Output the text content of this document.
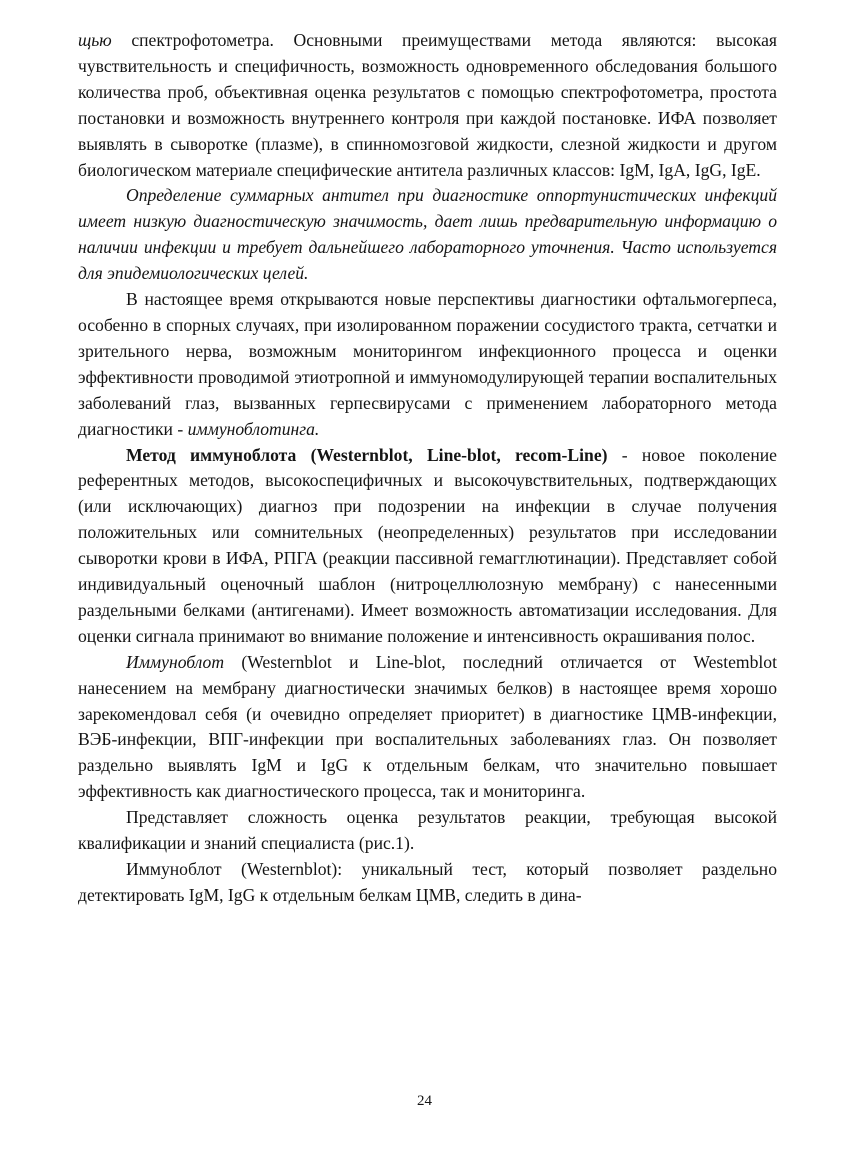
щью спектрофотометра. Основными преимуществами метода являются: высокая чувствительность и специфичность, возможность одновременного обследования большого количества проб, объективная оценка результатов с помощью спектрофотометра, простота постановки и возможность внутреннего контроля при каждой постановке. ИФА позволяет выявлять в сыворотке (плазме), в спинномозговой жидкости, слезной жидкости и другом биологическом материале специфические антитела различных классов: IgM, IgA, IgG, IgE.

Определение суммарных антител при диагностике оппортунистических инфекций имеет низкую диагностическую значимость, дает лишь предварительную информацию о наличии инфекции и требует дальнейшего лабораторного уточнения. Часто используется для эпидемиологических целей.

В настоящее время открываются новые перспективы диагностики офтальмогерпеса, особенно в спорных случаях, при изолированном поражении сосудистого тракта, сетчатки и зрительного нерва, возможным мониторингом инфекционного процесса и оценки эффективности проводимой этиотропной и иммуномодулирующей терапии воспалительных заболеваний глаз, вызванных герпесвирусами с применением лабораторного метода диагностики - иммуноблотинга.

Метод иммуноблота (Westernblot, Line-blot, recom-Line) - новое поколение референтных методов, высокоспецифичных и высокочувствительных, подтверждающих (или исключающих) диагноз при подозрении на инфекции в случае получения положительных или сомнительных (неопределенных) результатов при исследовании сыворотки крови в ИФА, РПГА (реакции пассивной гемагглютинации). Представляет собой индивидуальный оценочный шаблон (нитроцеллюлозную мембрану) с нанесенными раздельными белками (антигенами). Имеет возможность автоматизации исследования. Для оценки сигнала принимают во внимание положение и интенсивность окрашивания полос.

Иммуноблот (Westernblot и Line-blot, последний отличается от Westemblot нанесением на мембрану диагностически значимых белков) в настоящее время хорошо зарекомендовал себя (и очевидно определяет приоритет) в диагностике ЦМВ-инфекции, ВЭБ-инфекции, ВПГ-инфекции при воспалительных заболеваниях глаз. Он позволяет раздельно выявлять IgM и IgG к отдельным белкам, что значительно повышает эффективность как диагностического процесса, так и мониторинга.

Представляет сложность оценка результатов реакции, требующая высокой квалификации и знаний специалиста (рис.1).

Иммуноблот (Westernblot): уникальный тест, который позволяет раздельно детектировать IgM, IgG к отдельным белкам ЦМВ, следить в дина-

24
